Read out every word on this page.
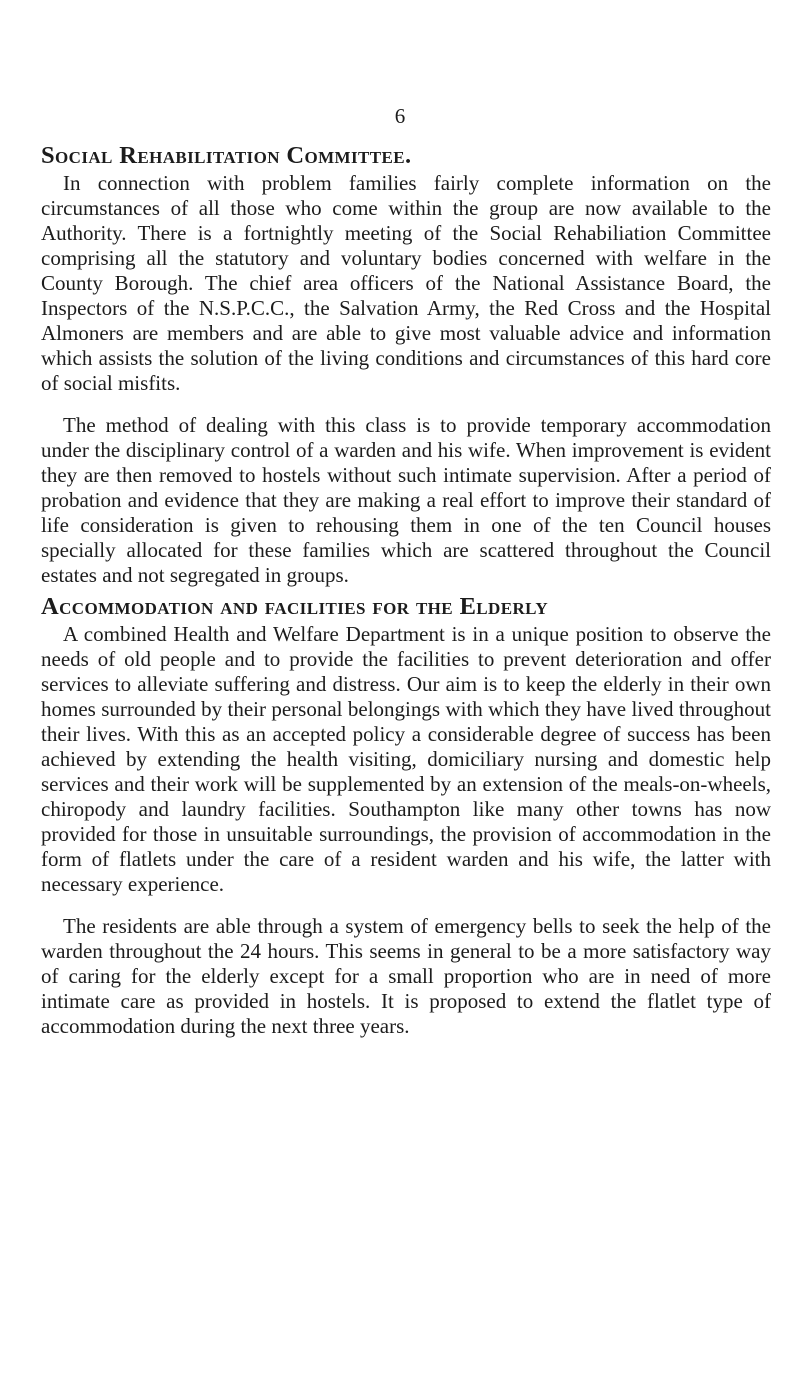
6
Social Rehabilitation Committee.

In connection with problem families fairly complete information on the circumstances of all those who come within the group are now available to the Authority. There is a fortnightly meeting of the Social Rehabiliation Committee comprising all the statutory and voluntary bodies concerned with welfare in the County Borough. The chief area officers of the National Assistance Board, the Inspectors of the N.S.P.C.C., the Salvation Army, the Red Cross and the Hospital Almoners are members and are able to give most valuable advice and information which assists the solution of the living conditions and circumstances of this hard core of social misfits.

The method of dealing with this class is to provide temporary accommodation under the disciplinary control of a warden and his wife. When improvement is evident they are then removed to hostels without such intimate supervision. After a period of probation and evidence that they are making a real effort to improve their standard of life consideration is given to rehousing them in one of the ten Council houses specially allocated for these families which are scattered throughout the Council estates and not segregated in groups.

Accommodation and facilities for the Elderly

A combined Health and Welfare Department is in a unique position to observe the needs of old people and to provide the facilities to prevent deterioration and offer services to alleviate suffering and distress. Our aim is to keep the elderly in their own homes surrounded by their personal belongings with which they have lived throughout their lives. With this as an accepted policy a considerable degree of success has been achieved by extending the health visiting, domiciliary nursing and domestic help services and their work will be supplemented by an extension of the meals-on-wheels, chiropody and laundry facilities. Southampton like many other towns has now provided for those in unsuitable surroundings, the provision of accommodation in the form of flatlets under the care of a resident warden and his wife, the latter with necessary experience.

The residents are able through a system of emergency bells to seek the help of the warden throughout the 24 hours. This seems in general to be a more satisfactory way of caring for the elderly except for a small proportion who are in need of more intimate care as provided in hostels. It is proposed to extend the flatlet type of accommodation during the next three years.
